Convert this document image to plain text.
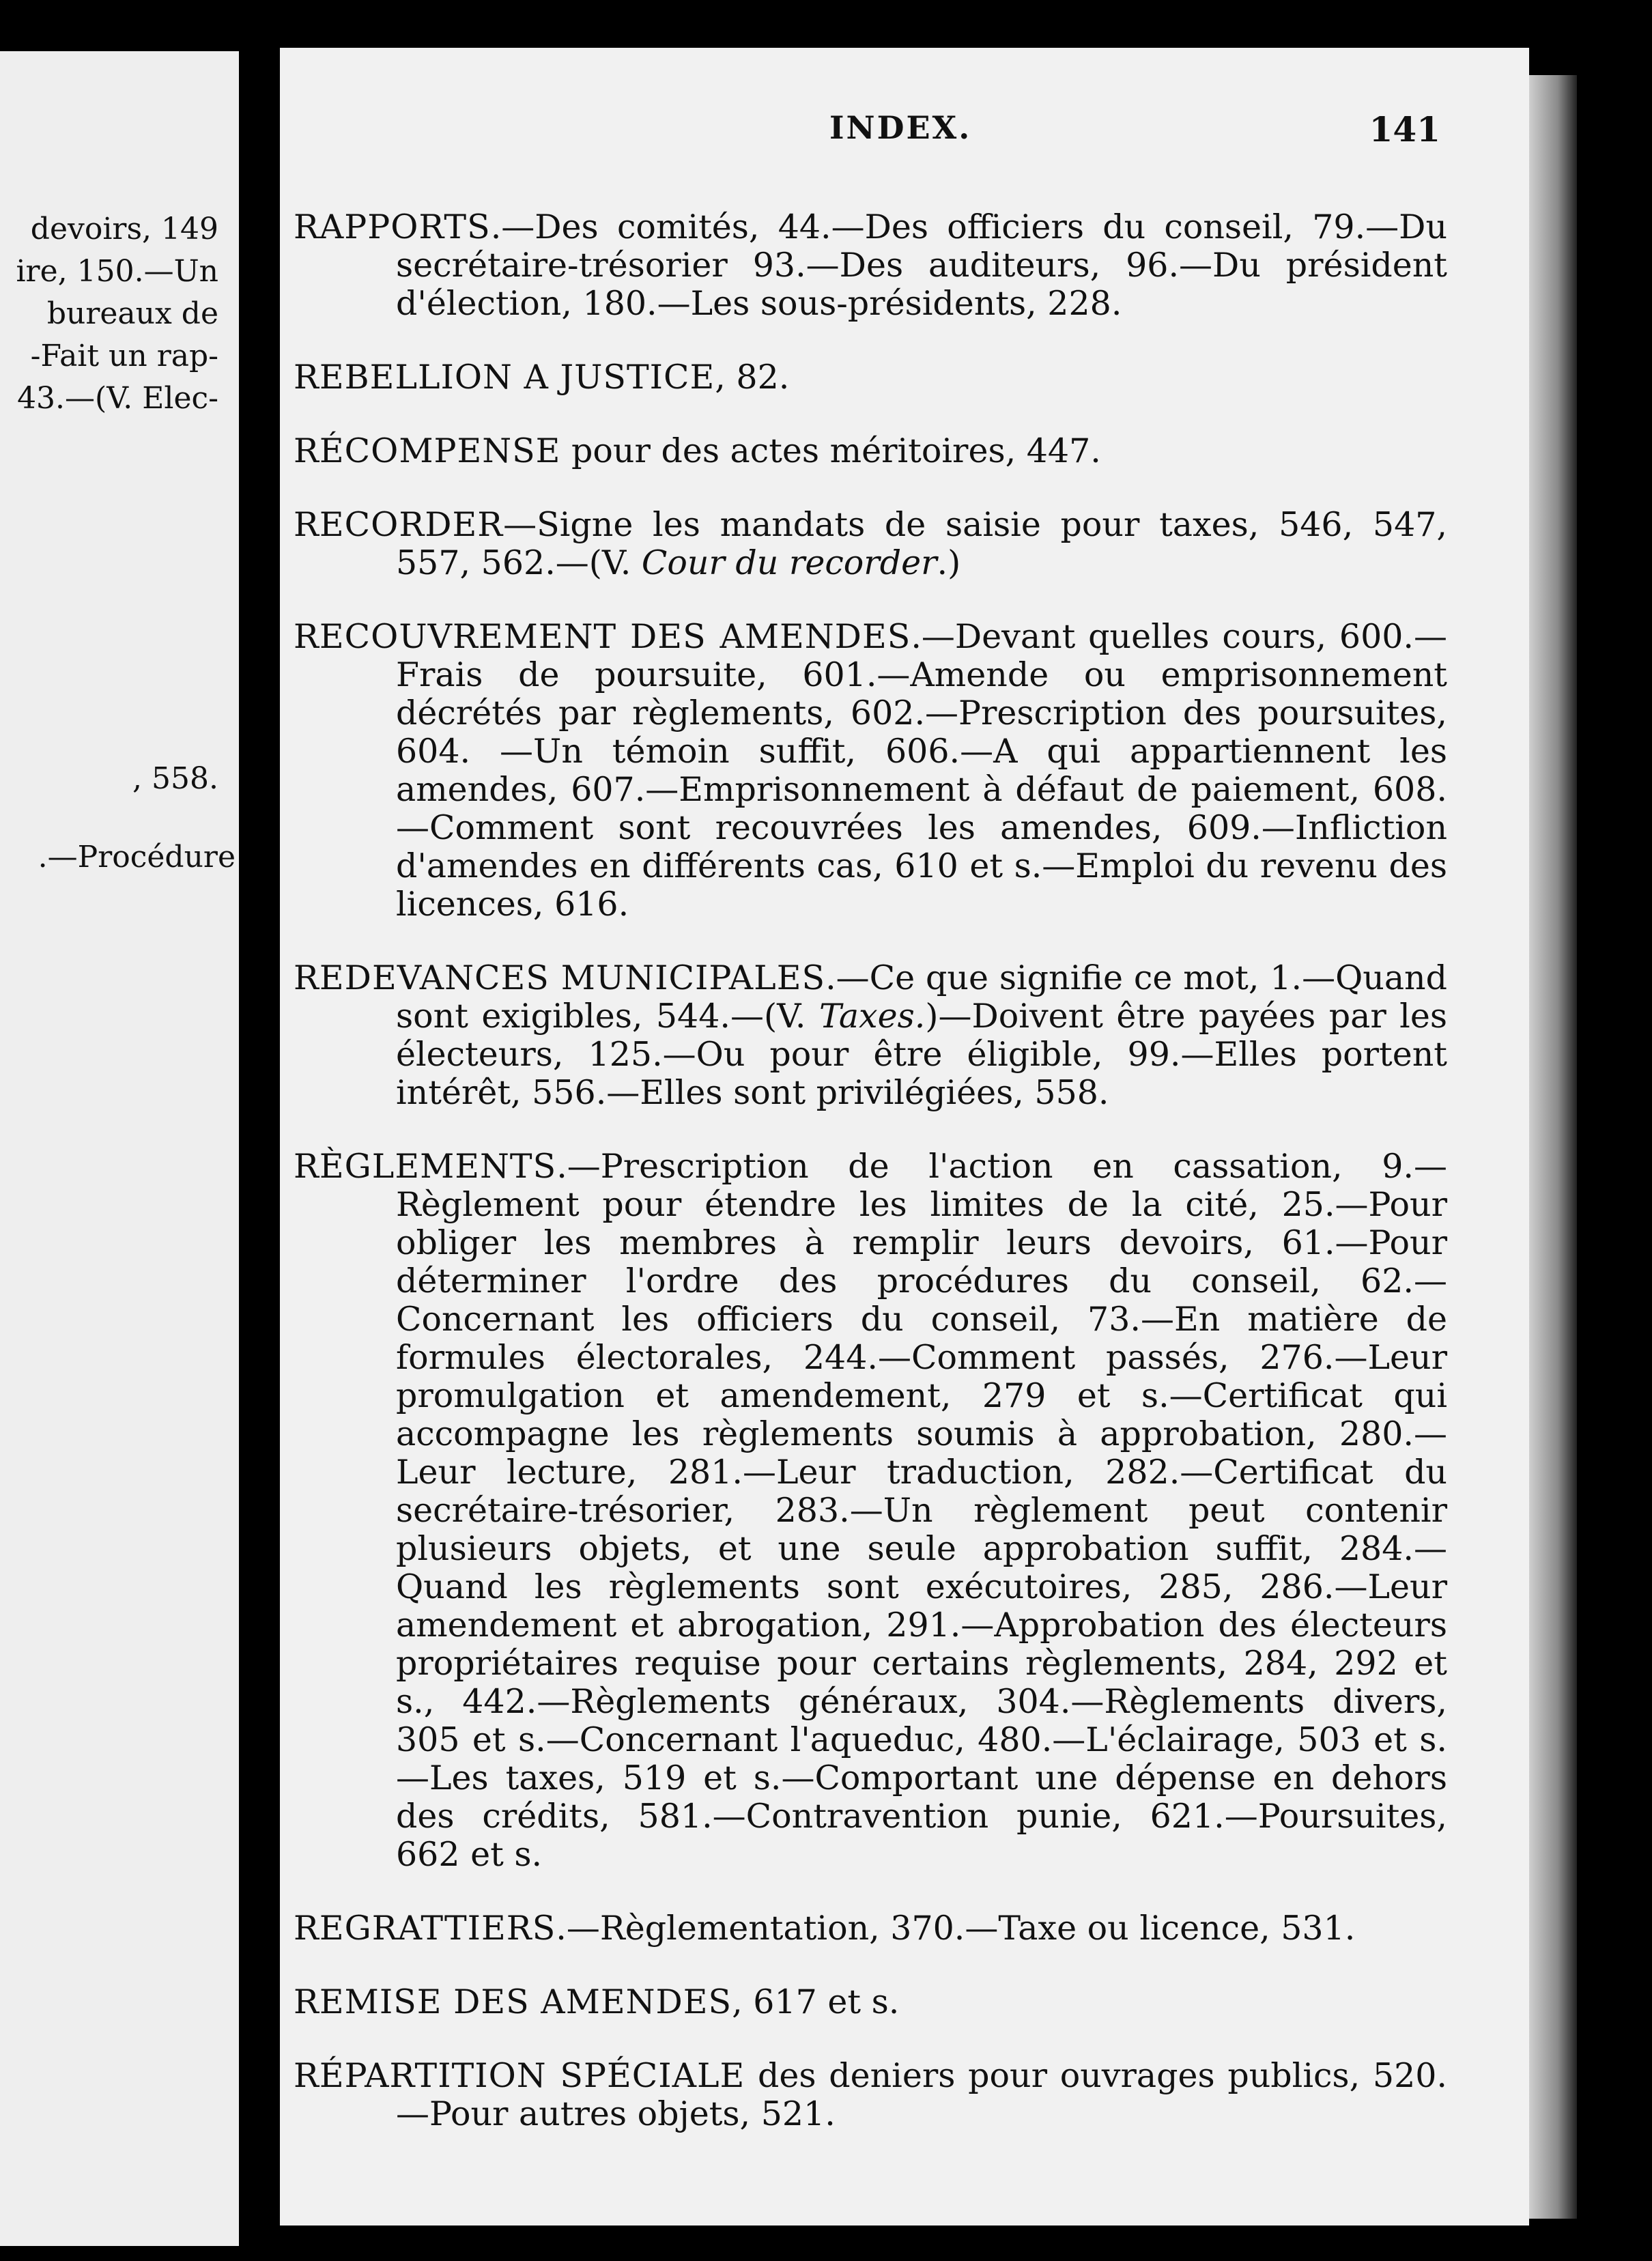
devoirs, 149
ire, 150.—Un
bureaux de
-Fait un rap-
43.—(V. Elec-
, 558.
.—Procédure
INDEX.	141

RAPPORTS.—Des comités, 44.—Des officiers du conseil, 79.—Du secrétaire-trésorier 93.—Des auditeurs, 96.—Du président d'élection, 180.—Les sous-présidents, 228.

REBELLION A JUSTICE, 82.

RÉCOMPENSE pour des actes méritoires, 447.

RECORDER—Signe les mandats de saisie pour taxes, 546, 547, 557, 562.—(V. Cour du recorder.)

RECOUVREMENT DES AMENDES.—Devant quelles cours, 600.—Frais de poursuite, 601.—Amende ou emprisonnement décrétés par règlements, 602.—Prescription des poursuites, 604. —Un témoin suffit, 606.—A qui appartiennent les amendes, 607.—Emprisonnement à défaut de paiement, 608.—Comment sont recouvrées les amendes, 609.—Infliction d'amendes en différents cas, 610 et s.—Emploi du revenu des licences, 616.

REDEVANCES MUNICIPALES.—Ce que signifie ce mot, 1.—Quand sont exigibles, 544.—(V. Taxes.)—Doivent être payées par les électeurs, 125.—Ou pour être éligible, 99.—Elles portent intérêt, 556.—Elles sont privilégiées, 558.

RÈGLEMENTS.—Prescription de l'action en cassation, 9.—Règlement pour étendre les limites de la cité, 25.—Pour obliger les membres à remplir leurs devoirs, 61.—Pour déterminer l'ordre des procédures du conseil, 62.—Concernant les officiers du conseil, 73.—En matière de formules électorales, 244.—Comment passés, 276.—Leur promulgation et amendement, 279 et s.—Certificat qui accompagne les règlements soumis à approbation, 280.—Leur lecture, 281.—Leur traduction, 282.—Certificat du secrétaire-trésorier, 283.—Un règlement peut contenir plusieurs objets, et une seule approbation suffit, 284.—Quand les règlements sont exécutoires, 285, 286.—Leur amendement et abrogation, 291.—Approbation des électeurs propriétaires requise pour certains règlements, 284, 292 et s., 442.—Règlements généraux, 304.—Règlements divers, 305 et s.—Concernant l'aqueduc, 480.—L'éclairage, 503 et s.—Les taxes, 519 et s.—Comportant une dépense en dehors des crédits, 581.—Contravention punie, 621.—Poursuites, 662 et s.

REGRATTIERS.—Règlementation, 370.—Taxe ou licence, 531.

REMISE DES AMENDES, 617 et s.

RÉPARTITION SPÉCIALE des deniers pour ouvrages publics, 520. —Pour autres objets, 521.
